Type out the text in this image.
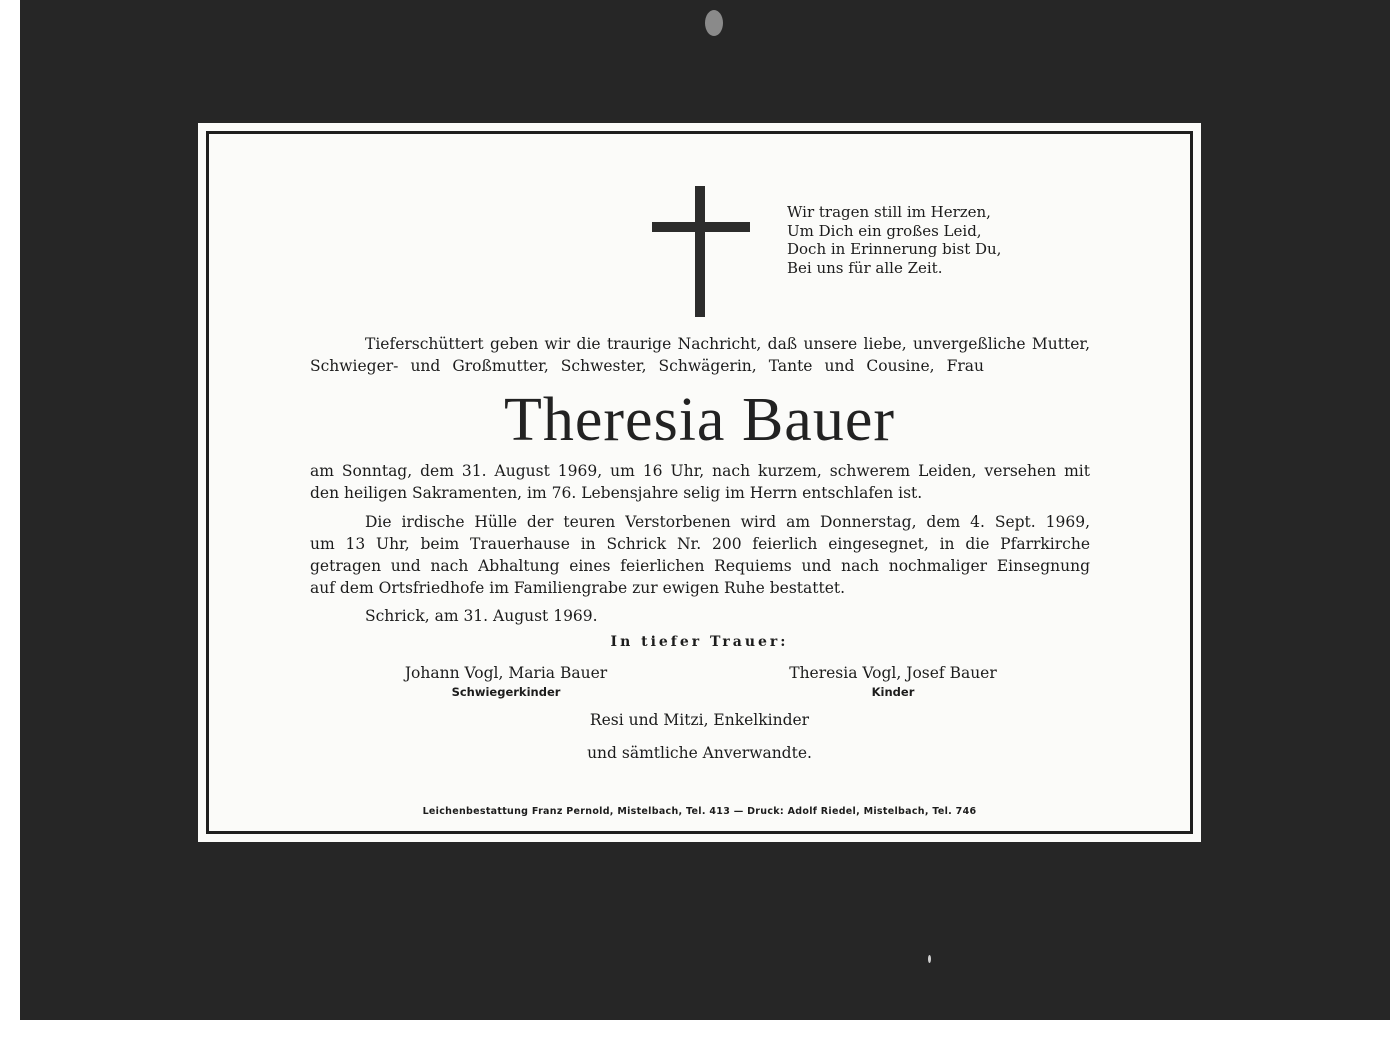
Wir tragen still im Herzen,
Um Dich ein großes Leid,
Doch in Erinnerung bist Du,
Bei uns für alle Zeit.
Tieferschüttert geben wir die traurige Nachricht, daß unsere liebe, unvergeßliche Mutter,
Schwieger- und Großmutter, Schwester, Schwägerin, Tante und Cousine, Frau
Theresia Bauer
am Sonntag, dem 31. August 1969, um 16 Uhr, nach kurzem, schwerem Leiden, versehen mit
den heiligen Sakramenten, im 76. Lebensjahre selig im Herrn entschlafen ist.
Die irdische Hülle der teuren Verstorbenen wird am Donnerstag, dem 4. Sept. 1969,
um 13 Uhr, beim Trauerhause in Schrick Nr. 200 feierlich eingesegnet, in die Pfarrkirche
getragen und nach Abhaltung eines feierlichen Requiems und nach nochmaliger Einsegnung
auf dem Ortsfriedhofe im Familiengrabe zur ewigen Ruhe bestattet.
Schrick, am 31. August 1969.
In tiefer Trauer:
Johann Vogl, Maria Bauer
Schwiegerkinder
Theresia Vogl, Josef Bauer
Kinder
Resi und Mitzi, Enkelkinder
und sämtliche Anverwandte.
Leichenbestattung Franz Pernold, Mistelbach, Tel. 413 — Druck: Adolf Riedel, Mistelbach, Tel. 746
